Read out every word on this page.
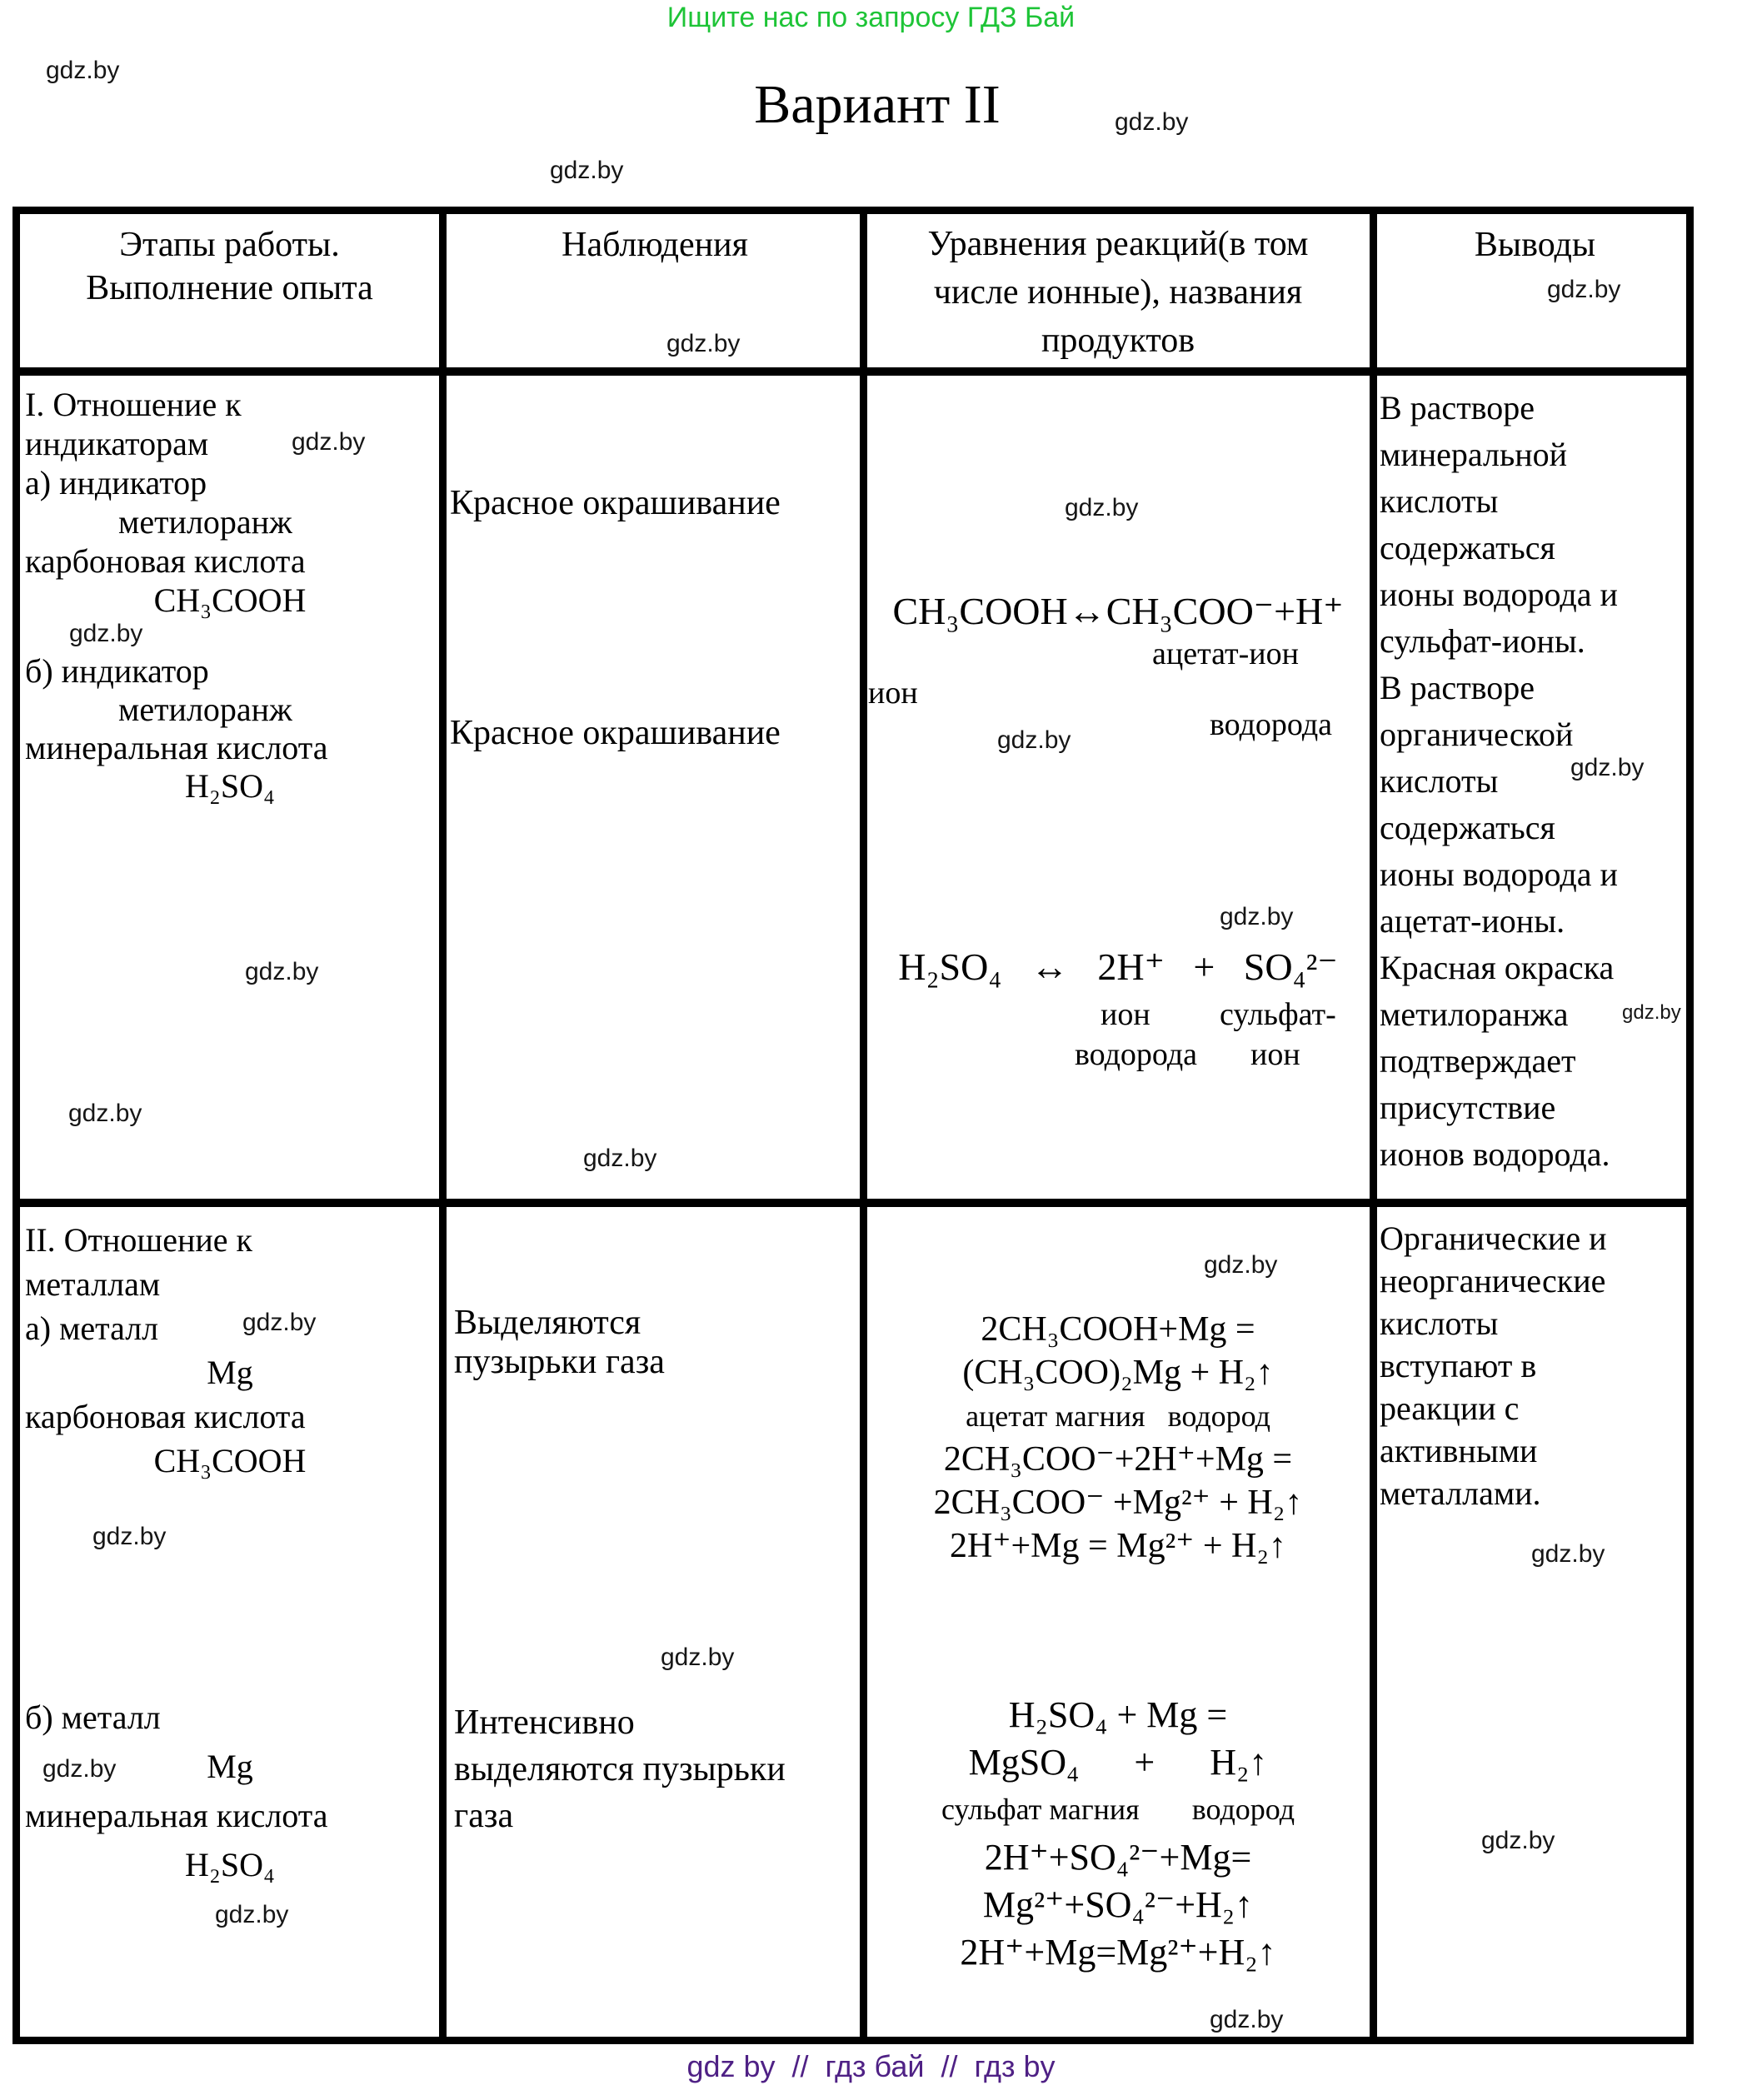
Ищите нас по запросу ГДЗ Бай
gdz.by
Вариант II	gdz.by
gdz.by
Этапы работы.
Выполнение опыта
Наблюдения	Уравнения реакций(в том
числе ионные), названия
продуктов
Выводы
gdz.by
gdz.by
I. Отношение к
индикаторам
а) индикатор
метилоранж
карбоновая кислота
CH₃COOH
gdz.by
gdz.by
б) индикатор
метилоранж
минеральная кислота
H₂SO₄
gdz.by
gdz.by
Красное окрашивание
Красное окрашивание
gdz.by
gdz.by
CH₃COOH↔CH₃COO⁻+H⁺
ацетат-ион
ион
водорода
gdz.by
gdz.by
H₂SO₄   ↔   2H⁺   +   SO₄²⁻
ион сульфат-
водорода ион
В растворе
минеральной
кислоты
содержаться
ионы водорода и
сульфат-ионы.
В растворе
органической
кислоты
содержаться
ионы водорода и
ацетат-ионы.
Красная окраска
метилоранжа
подтверждает
присутствие
ионов водорода.
gdz.by
gdz.by
II. Отношение к
металлам
а) металл
Mg
карбоновая кислота
CH₃COOH
gdz.by
gdz.by
б) металл
Mg
минеральная кислота
H₂SO₄
gdz.by
gdz.by
Выделяются
пузырьки газа
gdz.by
Интенсивно
выделяются пузырьки
газа
gdz.by
2CH₃COOH+Mg =
(CH₃COO)₂Mg + H₂↑
ацетат магния   водород
2CH₃COO⁻+2H⁺+Mg =
2CH₃COO⁻ +Mg²⁺ + H₂↑
2H⁺+Mg = Mg²⁺ + H₂↑
H₂SO₄ + Mg =
MgSO₄      +      H₂↑
сульфат магния       водород
2H⁺+SO₄²⁻+Mg=
Mg²⁺+SO₄²⁻+H₂↑
2H⁺+Mg=Mg²⁺+H₂↑
gdz.by
Органические и
неорганические
кислоты
вступают в
реакции с
активными
металлами.
gdz.by
gdz.by
gdz by  //  гдз бай  //  гдз by
